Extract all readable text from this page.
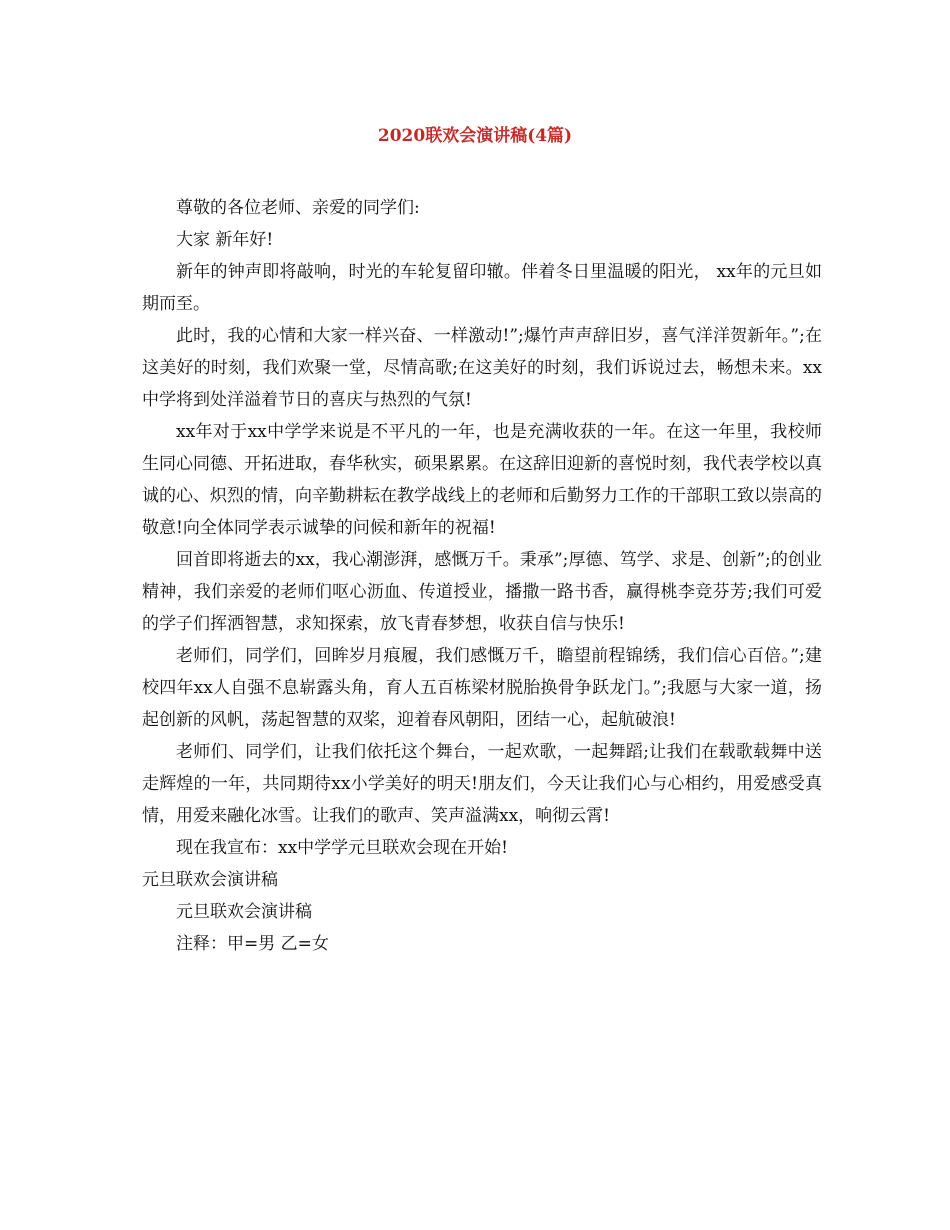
2020联欢会演讲稿(4篇)

尊敬的各位老师、亲爱的同学们:

大家 新年好!

新年的钟声即将敲响，时光的车轮复留印辙。伴着冬日里温暖的阳光， xx年的元旦如期而至。

此时，我的心情和大家一样兴奋、一样激动!”;爆竹声声辞旧岁，喜气洋洋贺新年。”;在这美好的时刻，我们欢聚一堂，尽情高歌;在这美好的时刻，我们诉说过去，畅想未来。xx中学将到处洋溢着节日的喜庆与热烈的气氛!

xx年对于xx中学学来说是不平凡的一年，也是充满收获的一年。在这一年里，我校师生同心同德、开拓进取，春华秋实，硕果累累。在这辞旧迎新的喜悦时刻，我代表学校以真诚的心、炽烈的情，向辛勤耕耘在教学战线上的老师和后勤努力工作的干部职工致以崇高的敬意!向全体同学表示诚挚的问候和新年的祝福!

回首即将逝去的xx，我心潮澎湃，感慨万千。秉承”;厚德、笃学、求是、创新”;的创业精神，我们亲爱的老师们呕心沥血、传道授业，播撒一路书香，赢得桃李竞芬芳;我们可爱的学子们挥洒智慧，求知探索，放飞青春梦想，收获自信与快乐!

老师们，同学们，回眸岁月痕履，我们感慨万千，瞻望前程锦绣，我们信心百倍。”;建校四年xx人自强不息崭露头角，育人五百栋梁材脱胎换骨争跃龙门。”;我愿与大家一道，扬起创新的风帆，荡起智慧的双桨，迎着春风朝阳，团结一心，起航破浪!

老师们、同学们，让我们依托这个舞台，一起欢歌，一起舞蹈;让我们在载歌载舞中送走辉煌的一年，共同期待xx小学美好的明天!朋友们，今天让我们心与心相约，用爱感受真情，用爱来融化冰雪。让我们的歌声、笑声溢满xx，响彻云霄!

现在我宣布：xx中学学元旦联欢会现在开始!

元旦联欢会演讲稿

元旦联欢会演讲稿

注释：甲=男 乙=女
